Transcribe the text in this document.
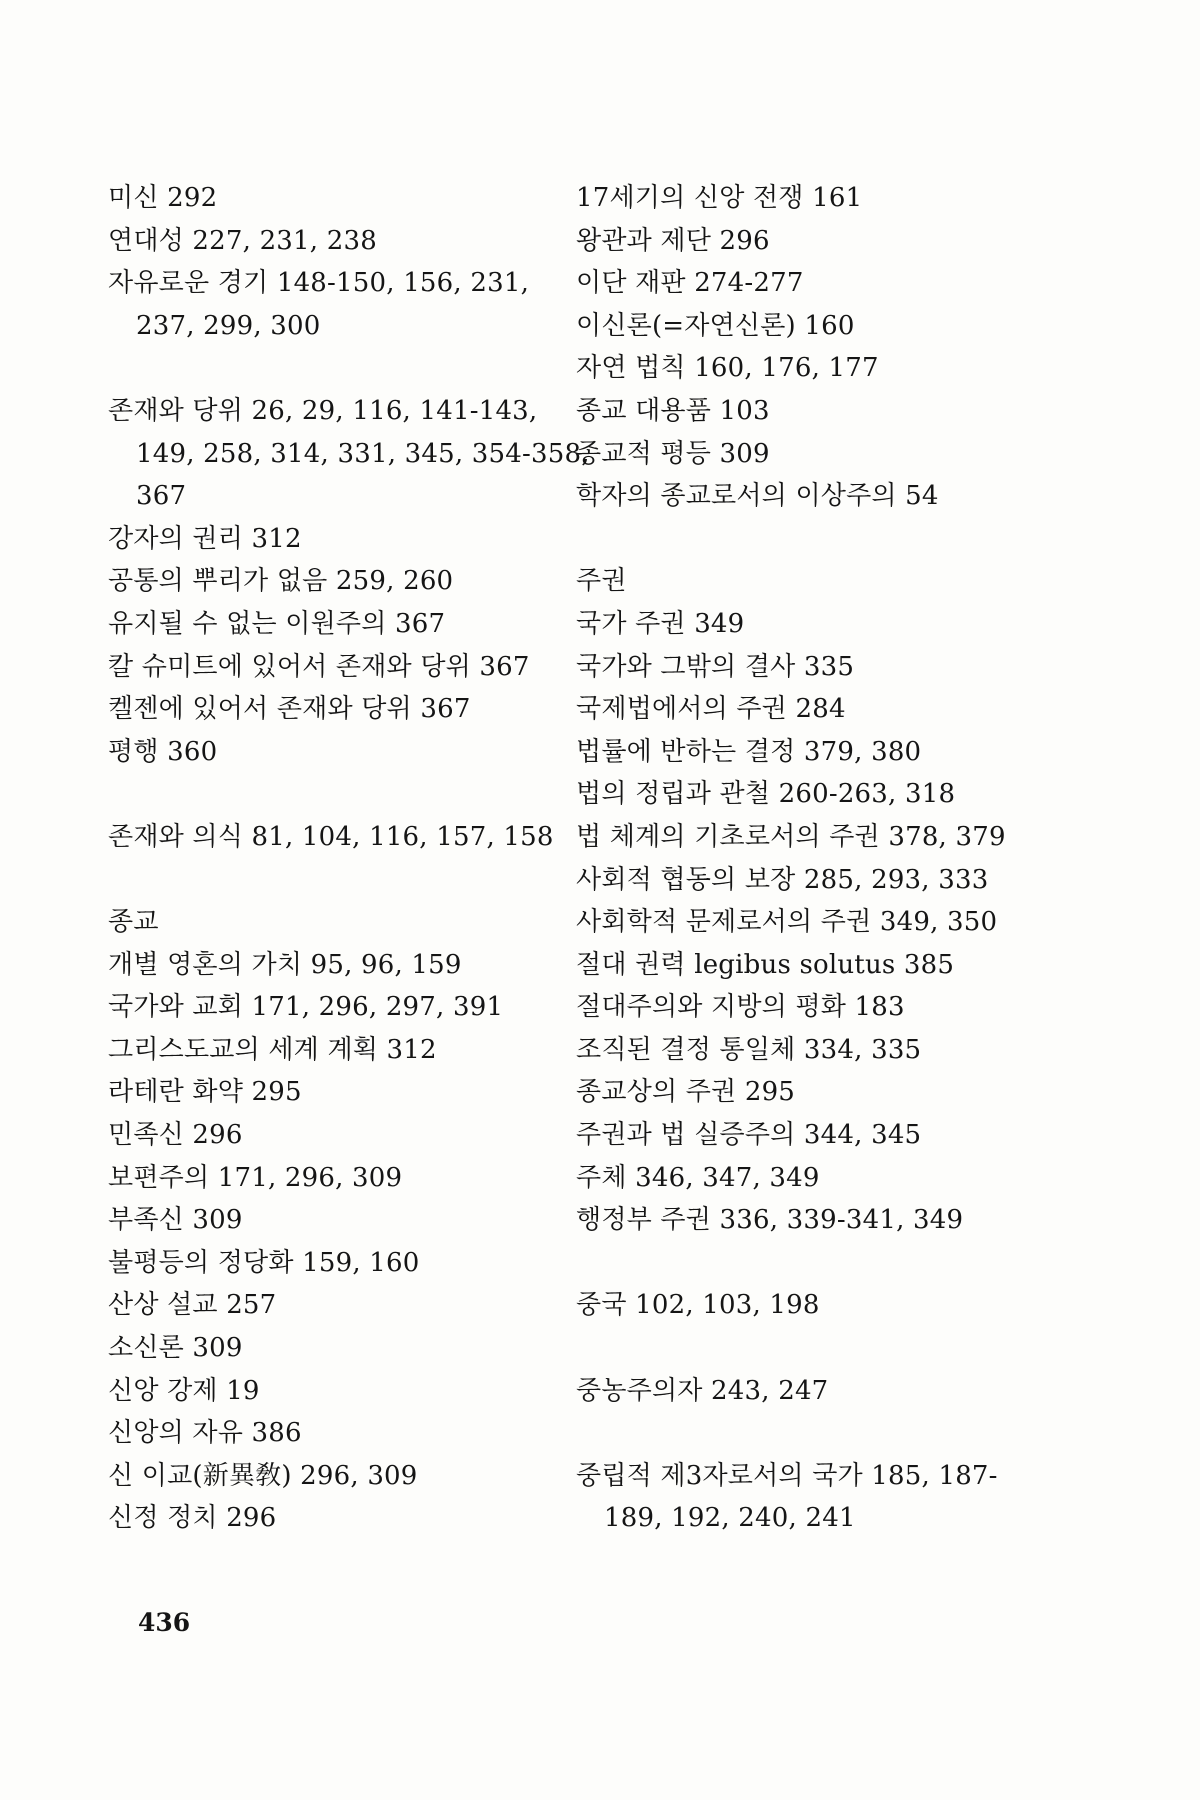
미신 292
연대성 227, 231, 238
자유로운 경기 148-150, 156, 231,
237, 299, 300
존재와 당위 26, 29, 116, 141-143,
149, 258, 314, 331, 345, 354-358,
367
강자의 권리 312
공통의 뿌리가 없음 259, 260
유지될 수 없는 이원주의 367
칼 슈미트에 있어서 존재와 당위 367
켈젠에 있어서 존재와 당위 367
평행 360
존재와 의식 81, 104, 116, 157, 158
종교
개별 영혼의 가치 95, 96, 159
국가와 교회 171, 296, 297, 391
그리스도교의 세계 계획 312
라테란 화약 295
민족신 296
보편주의 171, 296, 309
부족신 309
불평등의 정당화 159, 160
산상 설교 257
소신론 309
신앙 강제 19
신앙의 자유 386
신 이교(新異敎) 296, 309
신정 정치 296
17세기의 신앙 전쟁 161
왕관과 제단 296
이단 재판 274-277
이신론(=자연신론) 160
자연 법칙 160, 176, 177
종교 대용품 103
종교적 평등 309
학자의 종교로서의 이상주의 54
주권
국가 주권 349
국가와 그밖의 결사 335
국제법에서의 주권 284
법률에 반하는 결정 379, 380
법의 정립과 관철 260-263, 318
법 체계의 기초로서의 주권 378, 379
사회적 협동의 보장 285, 293, 333
사회학적 문제로서의 주권 349, 350
절대 권력 legibus solutus 385
절대주의와 지방의 평화 183
조직된 결정 통일체 334, 335
종교상의 주권 295
주권과 법 실증주의 344, 345
주체 346, 347, 349
행정부 주권 336, 339-341, 349
중국 102, 103, 198
중농주의자 243, 247
중립적 제3자로서의 국가 185, 187-
189, 192, 240, 241
436
